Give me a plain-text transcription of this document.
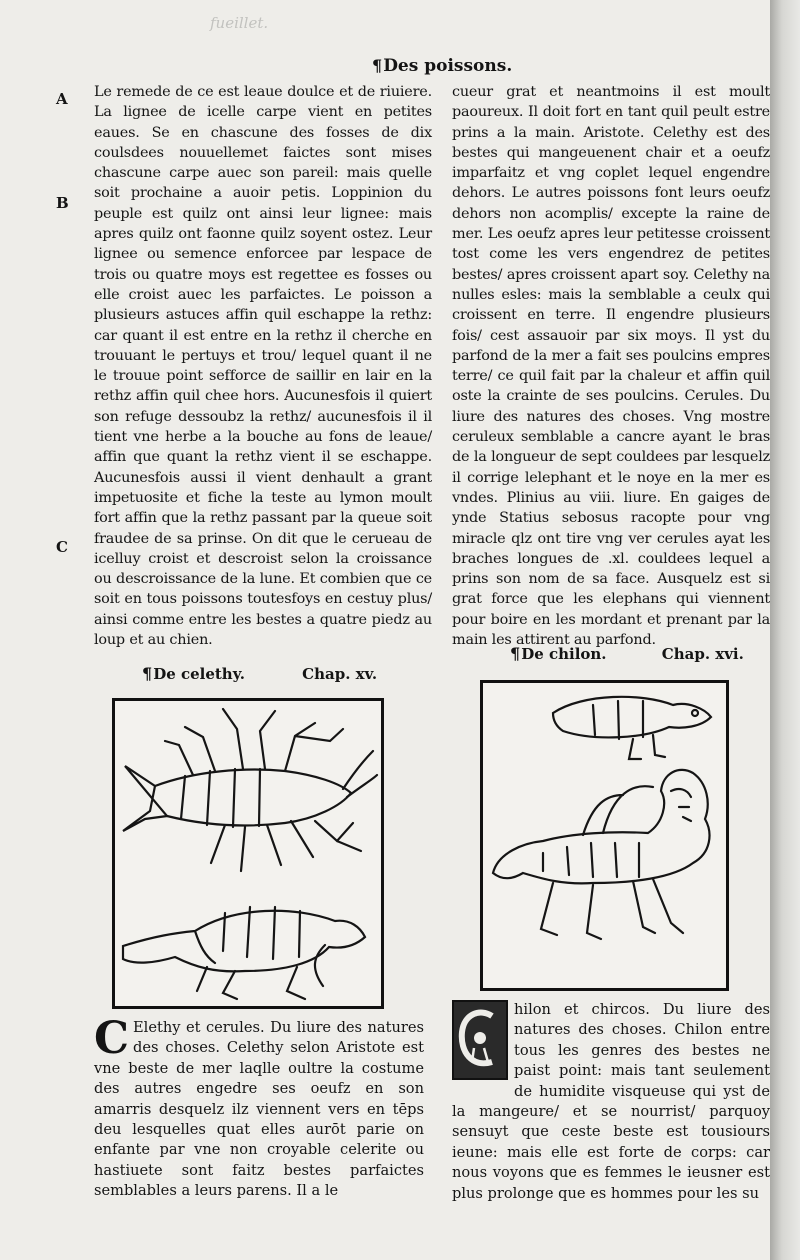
fueillet.
¶ Des poissons.
A
B
C

Le remede de ce est leaue doulce et de riuiere. La lignee de icelle carpe vient en petites eaues. Se en chascune des fosses de dix coulsdees nouuellemet faictes sont mises chascune carpe auec son pareil: mais quelle soit prochaine a auoir petis. Loppinion du peuple est quilz ont ainsi leur lignee: mais apres quilz ont faonne quilz soyent ostez. Leur lignee ou semence enforcee par lespace de trois ou quatre moys est regettee es fosses ou elle croist auec les parfaictes. Le poisson a plusieurs astuces affin quil eschappe la rethz: car quant il est entre en la rethz il cherche en trouuant le pertuys et trou/ lequel quant il ne le trouue point sefforce de saillir en lair en la rethz affin quil chee hors. Aucunesfois il quiert son refuge dessoubz la rethz/ aucunesfois il il tient vne herbe a la bouche au fons de leaue/ affin que quant la rethz vient il se eschappe. Aucunesfois aussi il vient denhault a grant impetuosite et fiche la teste au lymon moult fort affin que la rethz passant par la queue soit fraudee de sa prinse. On dit que le cerueau de icelluy croist et descroist selon la croissance ou descroissance de la lune. Et combien que ce soit en tous poissons toutesfoys en cestuy plus/ ainsi comme entre les bestes a quatre piedz au loup et au chien.

cueur grat et neantmoins il est moult paoureux. Il doit fort en tant quil peult estre prins a la main. Aristote. Celethy est des bestes qui mangeuenent chair et a oeufz imparfaitz et vng coplet lequel engendre dehors. Le autres poissons font leurs oeufz dehors non acomplis/ excepte la raine de mer. Les oeufz apres leur petitesse croissent tost come les vers engendrez de petites bestes/ apres croissent apart soy. Celethy na nulles esles: mais la semblable a ceulx qui croissent en terre. Il engendre plusieurs fois/ cest assauoir par six moys. Il yst du parfond de la mer a fait ses poulcins empres terre/ ce quil fait par la chaleur et affin quil oste la crainte de ses poulcins. Cerules. Du liure des natures des choses. Vng mostre ceruleux semblable a cancre ayant le bras de la longueur de sept couldees par lesquelz il corrige lelephant et le noye en la mer es vndes. Plinius au viii. liure. En gaiges de ynde Statius sebosus racopte pour vng miracle qlz ont tire vng ver cerules ayat les braches longues de .xl. couldees lequel a prins son nom de sa face. Ausquelz est si grat force que les elephans qui viennent pour boire en les mordant et prenant par la main les attirent au parfond.

¶ De celethy.	Chap. xv.
¶ De chilon.	Chap. xvi.
C Elethy et cerules. Du liure des natures des choses. Celethy selon Aristote est vne beste de mer laqlle oultre la costume des autres engedre ses oeufz en son amarris desquelz ilz viennent vers en tēps deu lesquelles quat elles aurōt parie on enfante par vne non croyable celerite ou hastiuete sont faitz bestes parfaictes semblables a leurs parens. Il a le
hilon et chircos. Du liure des natures des choses. Chilon entre tous les genres des bestes ne paist point: mais tant seulement de humidite visqueuse qui yst de la mangeure/ et se nourrist/ parquoy sensuyt que ceste beste est tousiours ieune: mais elle est forte de corps: car nous voyons que es femmes le ieusner est plus prolonge que es hommes pour les su
